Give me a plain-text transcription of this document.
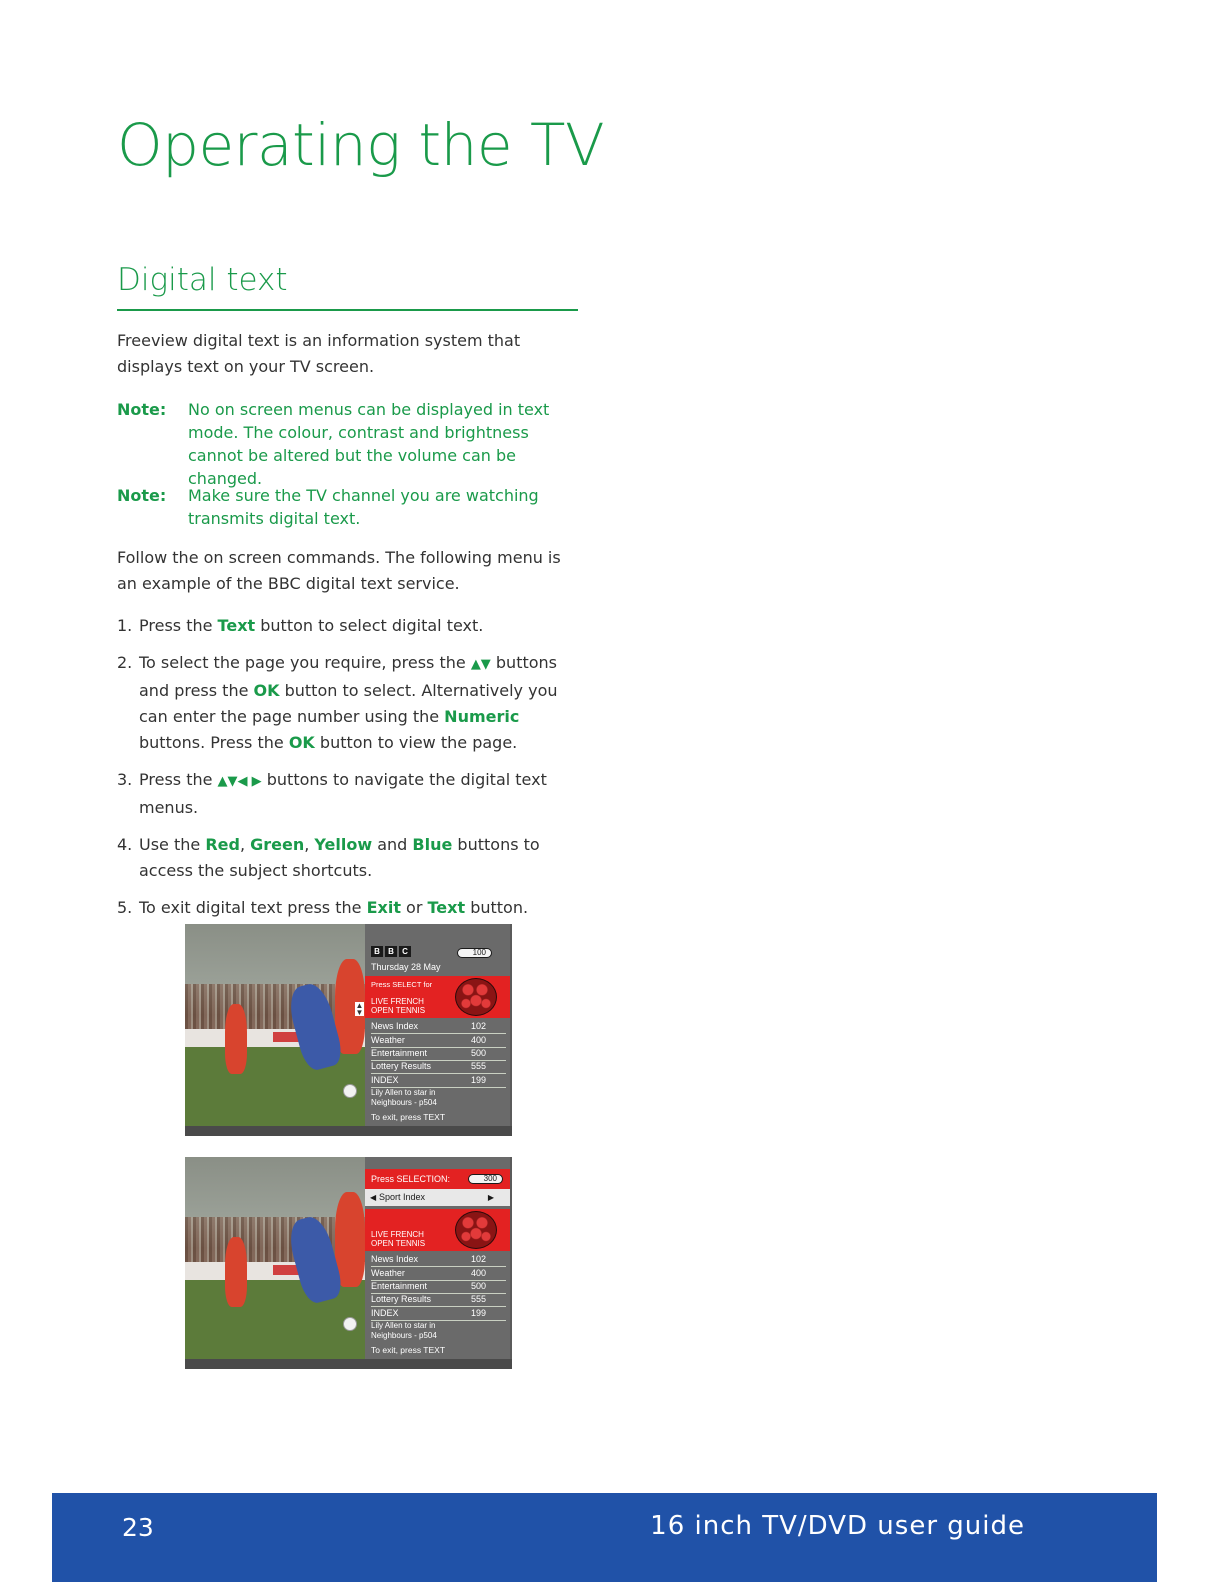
Operating the TV
Digital text

Freeview digital text is an information system that displays text on your TV screen.

Note:	No on screen menus can be displayed in text mode. The colour, contrast and brightness cannot be altered but the volume can be changed.
Note:	Make sure the TV channel you are watching transmits digital text.

Follow the on screen commands. The following menu is an example of the BBC digital text service.

1. Press the Text button to select digital text.
2. To select the page you require, press the ▲▼ buttons and press the OK button to select. Alternatively you can enter the page number using the Numeric buttons. Press the OK button to view the page.
3. Press the ▲▼◀ ▶ buttons to navigate the digital text menus.
4. Use the Red, Green, Yellow and Blue buttons to access the subject shortcuts.
5. To exit digital text press the Exit or Text button.
B	B	C	100
Thursday 28 May
Press SELECT for
LIVE FRENCH
OPEN TENNIS
▲
▼
News Index	102
Weather	400
Entertainment	500
Lottery Results	555
INDEX	199
Lily Allen to star in
Neighbours - p504
To exit, press TEXT
Press SELECTION:	300
◀ Sport Index	▶
LIVE FRENCH
OPEN TENNIS
News Index	102
Weather	400
Entertainment	500
Lottery Results	555
INDEX	199
Lily Allen to star in
Neighbours - p504
To exit, press TEXT
23	16 inch TV/DVD user guide
